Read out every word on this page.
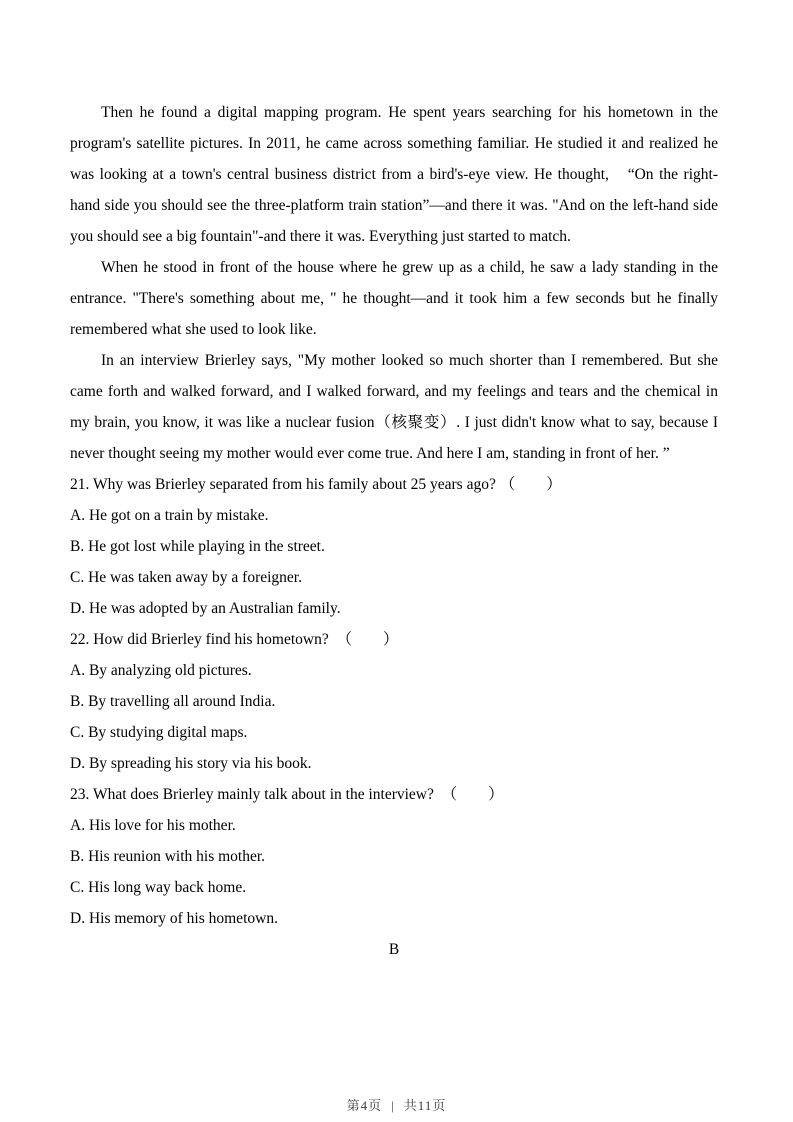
Then he found a digital mapping program. He spent years searching for his hometown in the program's satellite pictures. In 2011, he came across something familiar. He studied it and realized he was looking at a town's central business district from a bird's-eye view. He thought,　“On the right-hand side you should see the three-platform train station”—and there it was. "And on the left-hand side you should see a big fountain"-and there it was. Everything just started to match.

When he stood in front of the house where he grew up as a child, he saw a lady standing in the entrance. "There's something about me, " he thought—and it took him a few seconds but he finally remembered what she used to look like.

In an interview Brierley says, "My mother looked so much shorter than I remembered. But she came forth and walked forward, and I walked forward, and my feelings and tears and the chemical in my brain, you know, it was like a nuclear fusion（核聚变）. I just didn't know what to say, because I never thought seeing my mother would ever come true. And here I am, standing in front of her. ”

21. Why was Brierley separated from his family about 25 years ago? （　　）

A. He got on a train by mistake.

B. He got lost while playing in the street.

C. He was taken away by a foreigner.

D. He was adopted by an Australian family.

22. How did Brierley find his hometown?　（　　）

A. By analyzing old pictures.

B. By travelling all around India.

C. By studying digital maps.

D. By spreading his story via his book.

23. What does Brierley mainly talk about in the interview?　（　　）

A. His love for his mother.

B. His reunion with his mother.

C. His long way back home.

D. His memory of his hometown.

B

第4页 | 共11页
